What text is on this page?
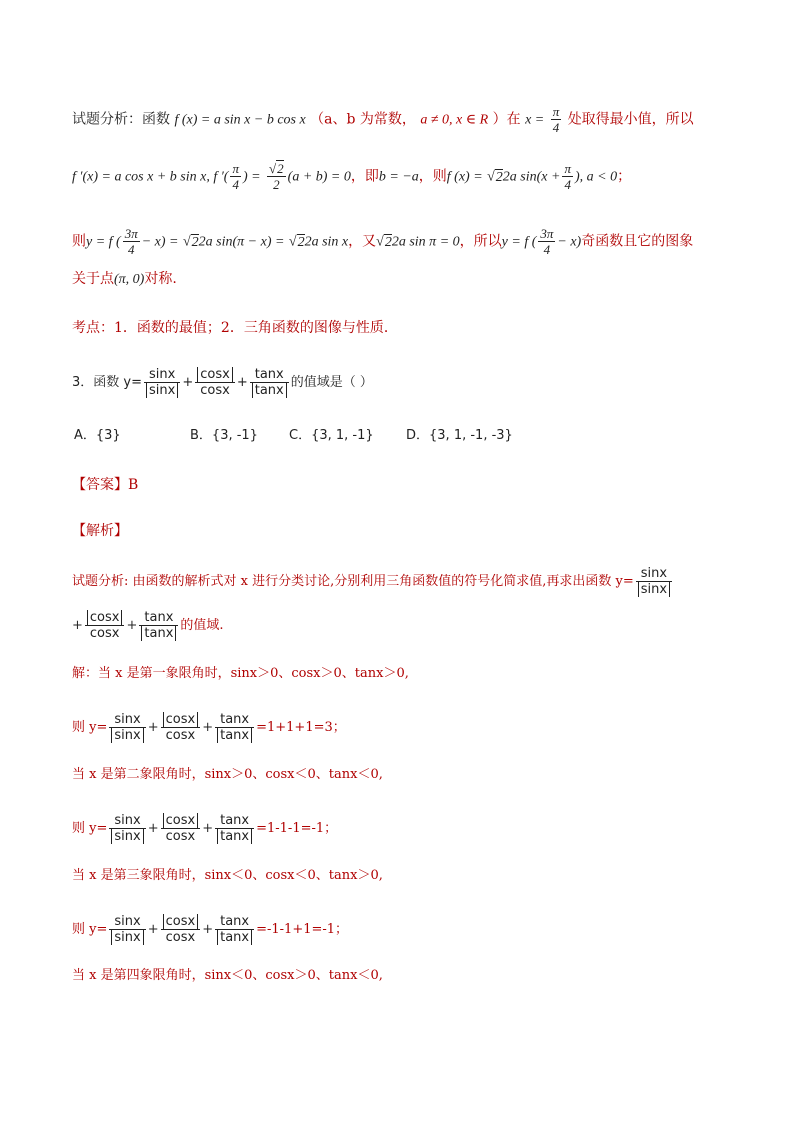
试题分析：函数 f (x) = a sin x − b cos x （a、b 为常数， a ≠ 0, x ∈ R ）在 $x = \frac{\pi}{4}$ 处取得最小值，所以
f ′(x) = a cos x + b sin x, f ′( $\frac{\pi}{4}$ ) = $\frac{√2}{2} (a + b) = 0$，即b = −a，则f (x) = √22a $\sin(x + \frac{\pi}{4}$ ), a < 0；
则y = f ( $\frac{3\pi}{4} - x) = √22a$ sin(π − x) = √22a sin x，又√22a sin π = 0，所以y = f ( $\frac{3\pi}{4} - x$)奇函数且它的图象
关于点(π, 0)对称.
考点：1．函数的最值；2．三角函数的图像与性质．
3．函数 $y= \frac{\sin x}{\sin x} + \frac{\cos x}{\cos x} + \frac{\tan x}{\tan x}$ 的值域是（ ）
A．{3}	B．{3, -1} C．{3, 1, -1} D．{3, 1, -1, -3}
【答案】B
【解析】
试题分析: 由函数的解析式对 x 进行分类讨论,分别利用三角函数值的符号化简求值,再求出函数 $y= \frac{\sin x}{\sin x}$
+ $\frac{\cos x}{\cos x} + \frac{\tan x}{\tan x}$ 的值域.
解：当 x 是第一象限角时，sinx＞0、cosx＞0、tanx＞0,
则 $y= \frac{\sin x}{\sin x} + \frac{\cos x}{\cos x} + \frac{\tan x}{\tan x} =1+1+1=3$；
当 x 是第二象限角时，sinx＞0、cosx＜0、tanx＜0,
则 $y= \frac{\sin x}{\sin x} + \frac{\cos x}{\cos x} + \frac{\tan x}{\tan x} =1-1-1=-1$；
当 x 是第三象限角时，sinx＜0、cosx＜0、tanx＞0,
则 $y= \frac{\sin x}{\sin x} + \frac{\cos x}{\cos x} + \frac{\tan x}{\tan x} =-1-1+1=-1$；
当 x 是第四象限角时，sinx＜0、cosx＞0、tanx＜0,
